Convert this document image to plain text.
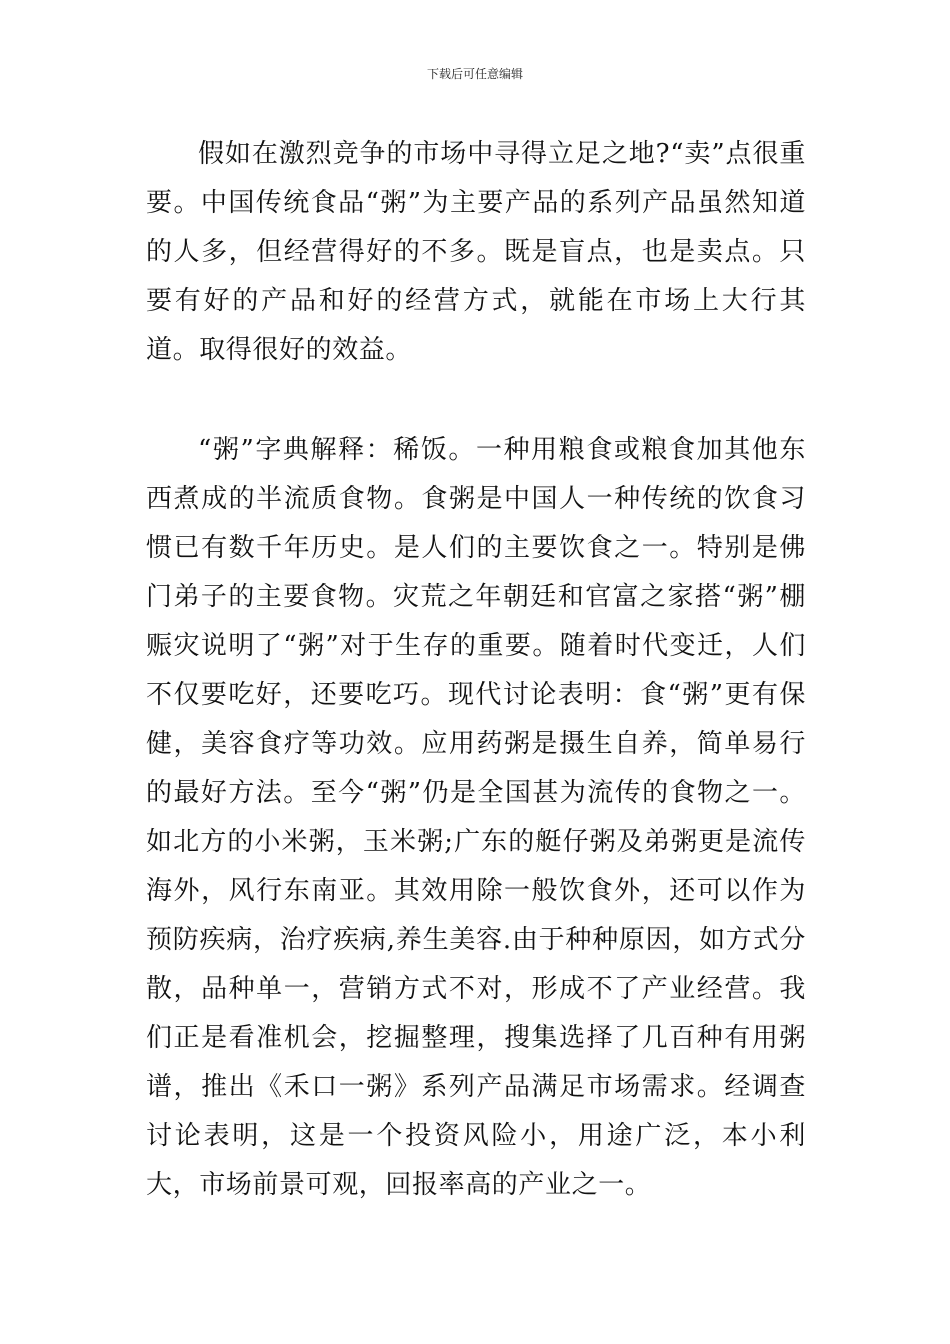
下载后可任意编辑

假如在激烈竞争的市场中寻得立足之地?“卖”点很重要。中国传统食品“粥”为主要产品的系列产品虽然知道的人多，但经营得好的不多。既是盲点，也是卖点。只要有好的产品和好的经营方式，就能在市场上大行其道。取得很好的效益。

“粥”字典解释：稀饭。一种用粮食或粮食加其他东西煮成的半流质食物。食粥是中国人一种传统的饮食习惯已有数千年历史。是人们的主要饮食之一。特别是佛门弟子的主要食物。灾荒之年朝廷和官富之家搭“粥”棚赈灾说明了“粥”对于生存的重要。随着时代变迁，人们不仅要吃好，还要吃巧。现代讨论表明：食“粥”更有保健，美容食疗等功效。应用药粥是摄生自养，简单易行的最好方法。至今“粥”仍是全国甚为流传的食物之一。如北方的小米粥，玉米粥;广东的艇仔粥及弟粥更是流传海外，风行东南亚。其效用除一般饮食外，还可以作为预防疾病，治疗疾病,养生美容.由于种种原因，如方式分散，品种单一，营销方式不对，形成不了产业经营。我们正是看准机会，挖掘整理，搜集选择了几百种有用粥谱，推出《禾口一粥》系列产品满足市场需求。经调查讨论表明，这是一个投资风险小，用途广泛，本小利大，市场前景可观，回报率高的产业之一。
